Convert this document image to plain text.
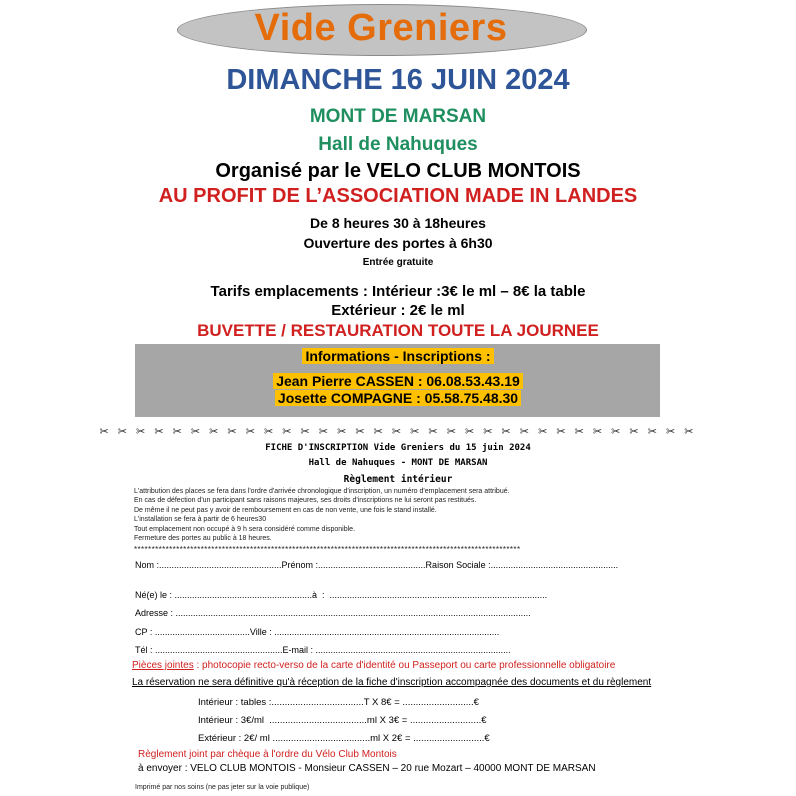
Vide Greniers
DIMANCHE 16 JUIN 2024
MONT DE MARSAN
Hall de Nahuques
Organisé par le VELO CLUB MONTOIS
AU PROFIT DE L’ASSOCIATION MADE IN LANDES
De 8 heures 30 à 18heures
Ouverture des portes à 6h30
Entrée gratuite
Tarifs emplacements : Intérieur :3€ le ml – 8€ la table
Extérieur : 2€ le ml
BUVETTE / RESTAURATION TOUTE LA JOURNEE
Informations - Inscriptions :
Jean Pierre CASSEN : 06.08.53.43.19
Josette COMPAGNE : 05.58.75.48.30
✂ ✂ ✂ ✂ ✂ ✂ ✂ ✂ ✂ ✂ ✂ ✂ ✂ ✂ ✂ ✂ ✂ ✂ ✂ ✂ ✂ ✂ ✂ ✂ ✂ ✂ ✂ ✂ ✂ ✂ ✂ ✂ ✂
FICHE D'INSCRIPTION Vide Greniers du 15 juin 2024
Hall de Nahuques - MONT DE MARSAN
Règlement intérieur
L'attribution des places se fera dans l'ordre d'arrivée chronologique d'inscription, un numéro d'emplacement sera attribué.
En cas de défection d'un participant sans raisons majeures, ses droits d'inscriptions ne lui seront pas restitués.
De même il ne peut pas y avoir de remboursement en cas de non vente, une fois le stand installé.
L'installation se fera à partir de 6 heures30
Tout emplacement non occupé à 9 h sera considéré comme disponible.
Fermeture des portes au public à 18 heures.
**************************************************************************************************************
Nom :.................................................Prénom :...........................................Raison Sociale :...................................................
Né(e) le : .......................................................à  :  .......................................................................................
Adresse : ..............................................................................................................................................
CP : ......................................Ville : ..........................................................................................
Tél : ...................................................E-mail : ..............................................................................
Pièces jointes : photocopie recto-verso de la carte d'identité ou Passeport ou carte professionnelle obligatoire
La réservation ne sera définitive qu'à réception de la fiche d'inscription accompagnée des documents et du règlement
Intérieur : tables :...................................T X 8€ = ...........................€
Intérieur : 3€/ml  .....................................ml X 3€ = ...........................€
Extérieur : 2€/ ml .....................................ml X 2€ = ...........................€
Règlement joint par chèque à l'ordre du Vélo Club Montois
à envoyer : VELO CLUB MONTOIS - Monsieur CASSEN – 20 rue Mozart – 40000 MONT DE MARSAN
Imprimé par nos soins (ne pas jeter sur la voie publique)
